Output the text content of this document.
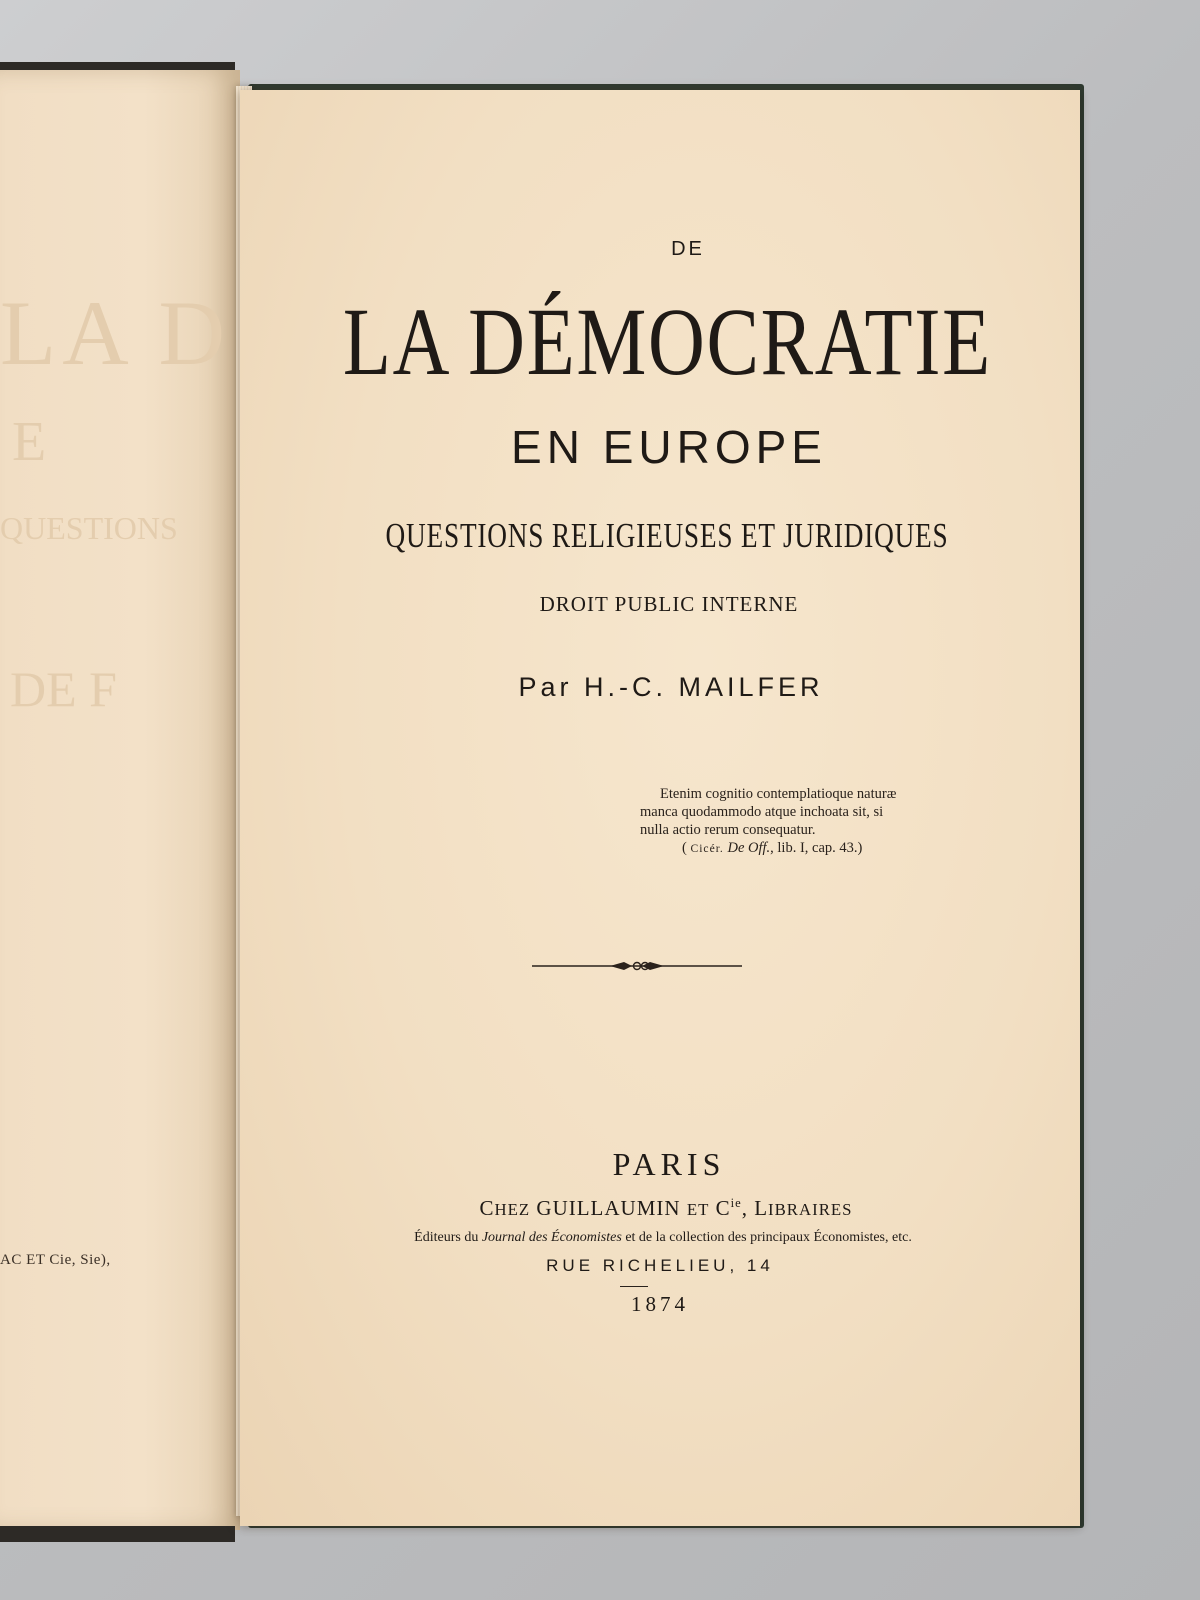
LA D
E
QUESTIONS
DE F
AC ET Cie, Sie),
DE
LA DÉMOCRATIE
EN EUROPE
QUESTIONS RELIGIEUSES ET JURIDIQUES
DROIT PUBLIC INTERNE
Par H.-C. MAILFER
Etenim cognitio contemplatioque naturæ
manca quodammodo atque inchoata sit, si
nulla actio rerum consequatur.
( Cicér. De Off., lib. I, cap. 43.)
PARIS
CHEZ GUILLAUMIN ET $C^{ie}$, LIBRAIRES
Éditeurs du Journal des Économistes et de la collection des principaux Économistes, etc.
RUE RICHELIEU, 14
1874
